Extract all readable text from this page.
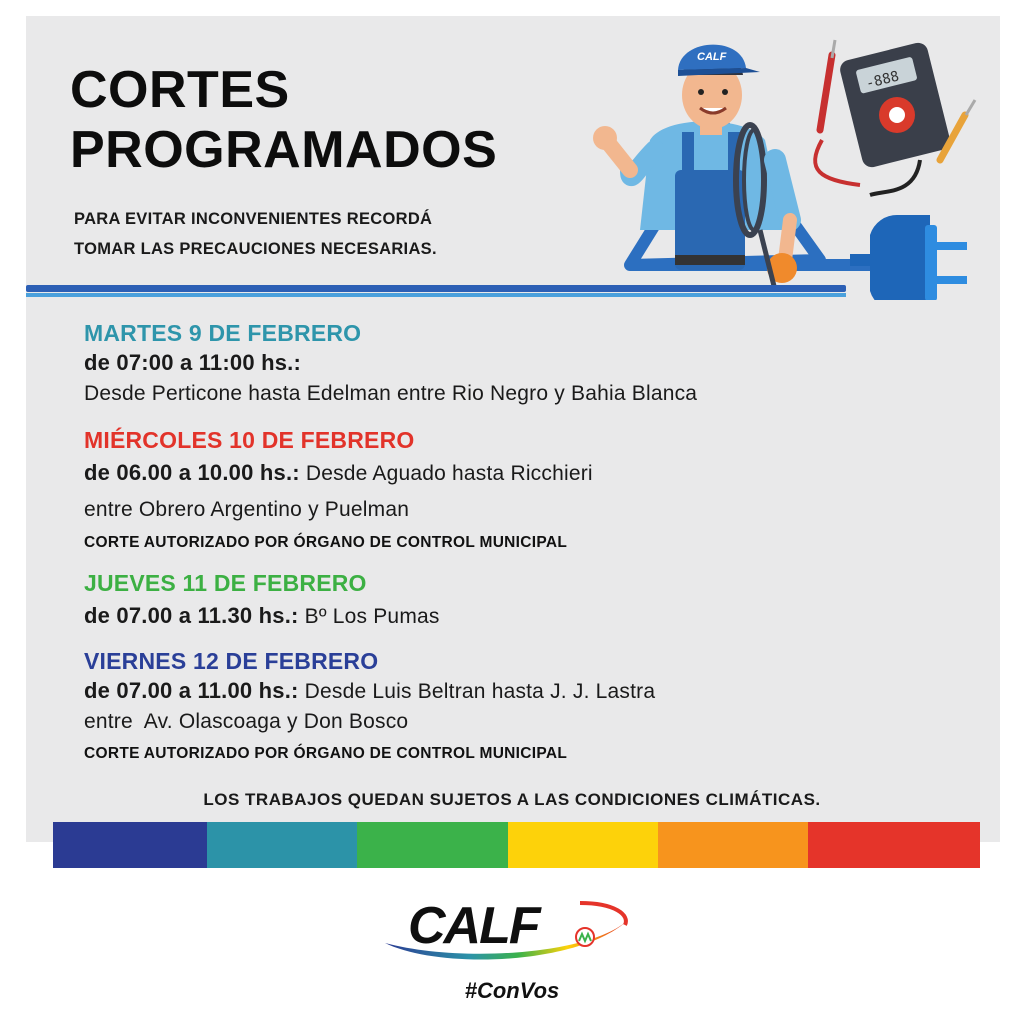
CORTES
PROGRAMADOS
PARA EVITAR INCONVENIENTES RECORDÁ
TOMAR LAS PRECAUCIONES NECESARIAS.
-888
CALF
MARTES 9 DE FEBRERO
de 07:00 a 11:00 hs.:
Desde Perticone hasta Edelman entre Rio Negro y Bahia Blanca
MIÉRCOLES 10 DE FEBRERO
de 06.00 a 10.00 hs.: Desde Aguado hasta Ricchieri
entre Obrero Argentino y Puelman
CORTE AUTORIZADO POR ÓRGANO DE CONTROL MUNICIPAL
JUEVES 11 DE FEBRERO
de 07.00 a 11.30 hs.: Bº Los Pumas
VIERNES 12 DE FEBRERO
de 07.00 a 11.00 hs.: Desde Luis Beltran hasta J. J. Lastra
entre  Av. Olascoaga y Don Bosco
CORTE AUTORIZADO POR ÓRGANO DE CONTROL MUNICIPAL
LOS TRABAJOS QUEDAN SUJETOS A LAS CONDICIONES CLIMÁTICAS.
CALF
#ConVos
